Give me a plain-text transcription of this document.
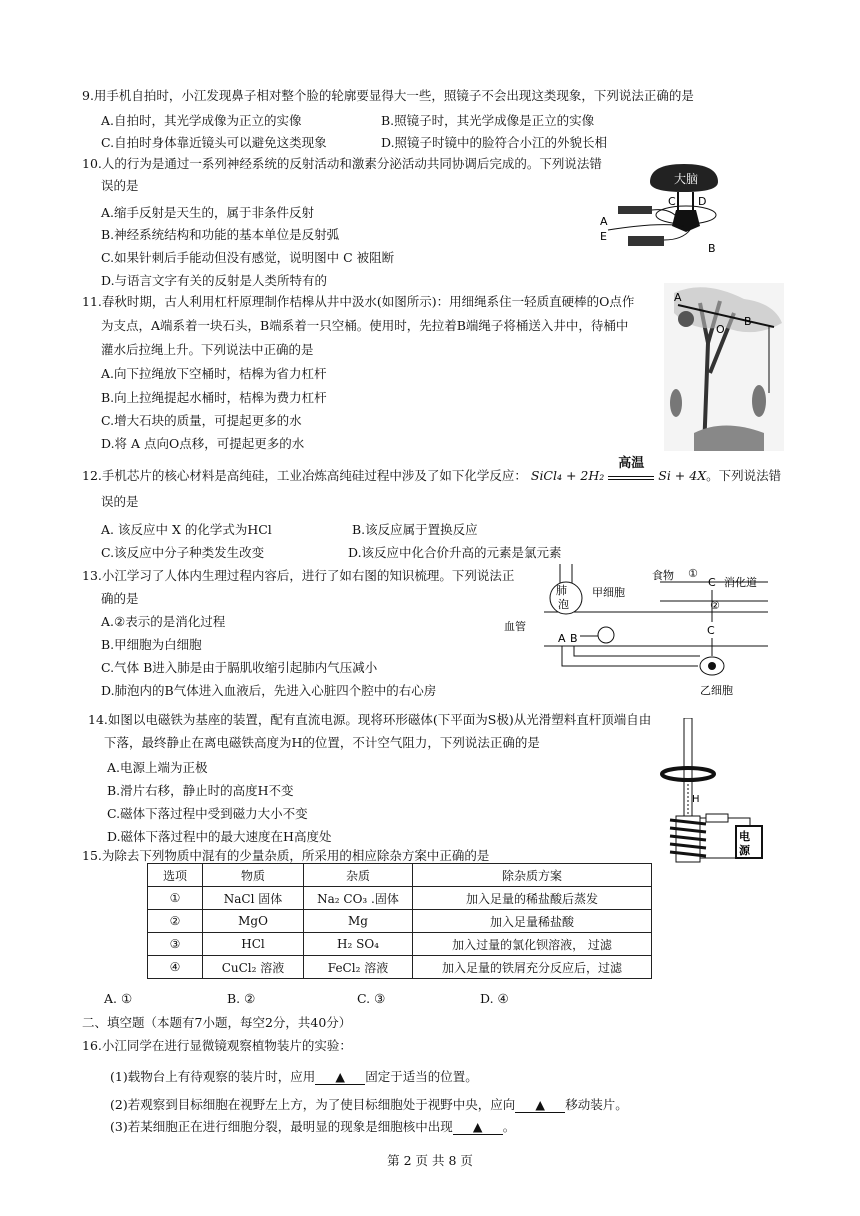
9.用手机自拍时，小江发现鼻子相对整个脸的轮廓要显得大一些，照镜子不会出现这类现象，下列说法正确的是
A.自拍时，其光学成像为正立的实像	B.照镜子时，其光学成像是正立的实像
C.自拍时身体靠近镜头可以避免这类现象	D.照镜子时镜中的脸符合小江的外貌长相
10.人的行为是通过一系列神经系统的反射活动和激素分泌活动共同协调后完成的。下列说法错
误的是
A.缩手反射是天生的，属于非条件反射
B.神经系统结构和功能的基本单位是反射弧
C.如果针刺后手能动但没有感觉，说明图中 C 被阻断
D.与语言文字有关的反射是人类所特有的
大脑
C D
A
E
B
11.春秋时期，古人利用杠杆原理制作桔槔从井中汲水(如图所示)：用细绳系住一轻质直硬棒的O点作
为支点，A端系着一块石头，B端系着一只空桶。使用时，先拉着B端绳子将桶送入井中，待桶中
灌水后拉绳上升。下列说法中正确的是
A.向下拉绳放下空桶时，桔槔为省力杠杆
B.向上拉绳提起水桶时，桔槔为费力杠杆
C.增大石块的质量，可提起更多的水
D.将 A 点向O点移，可提起更多的水
A
O
B
12.手机芯片的核心材料是高纯硅，工业冶炼高纯硅过程中涉及了如下化学反应： SiCl₄ + 2H₂
高温
Si + 4X。下列说法错
误的是
A. 该反应中 X 的化学式为HCl	B.该反应属于置换反应
C.该反应中分子种类发生改变	D.该反应中化合价升高的元素是氯元素
13.小江学习了人体内生理过程内容后，进行了如右图的知识梳理。下列说法正
确的是
A.②表示的是消化过程
B.甲细胞为白细胞
C.气体 B进入肺是由于膈肌收缩引起肺内气压减小
D.肺泡内的B气体进入血液后，先进入心脏四个腔中的右心房
肺
泡
甲细胞
食物 ①
C 消化道
②
血管
A B
C
乙细胞
14.如图以电磁铁为基座的装置，配有直流电源。现将环形磁体(下平面为S极)从光滑塑料直杆顶端自由
下落，最终静止在离电磁铁高度为H的位置，不计空气阻力，下列说法正确的是
A.电源上端为正极
B.滑片右移，静止时的高度H不变
C.磁体下落过程中受到磁力大小不变
D.磁体下落过程中的最大速度在H高度处
H
电
源
15.为除去下列物质中混有的少量杂质，所采用的相应除杂方案中正确的是
选项	物质	杂质	除杂质方案
①	NaCl 固体	Na₂ CO₃ .固体	加入足量的稀盐酸后蒸发
②	MgO	Mg	加入足量稀盐酸
③	HCl	H₂ SO₄	加入过量的氯化钡溶液， 过滤
④	CuCl₂ 溶液	FeCl₂ 溶液	加入足量的铁屑充分反应后，过滤
A. ①	B. ②	C. ③	D. ④
二、填空题（本题有7小题，每空2分，共40分）
16.小江同学在进行显微镜观察植物装片的实验：
(1)载物台上有待观察的装片时，应用 ▲ 固定于适当的位置。
(2)若观察到目标细胞在视野左上方，为了使目标细胞处于视野中央，应向 ▲ 移动装片。
(3)若某细胞正在进行细胞分裂，最明显的现象是细胞核中出现 ▲ 。
第 2 页 共 8 页
